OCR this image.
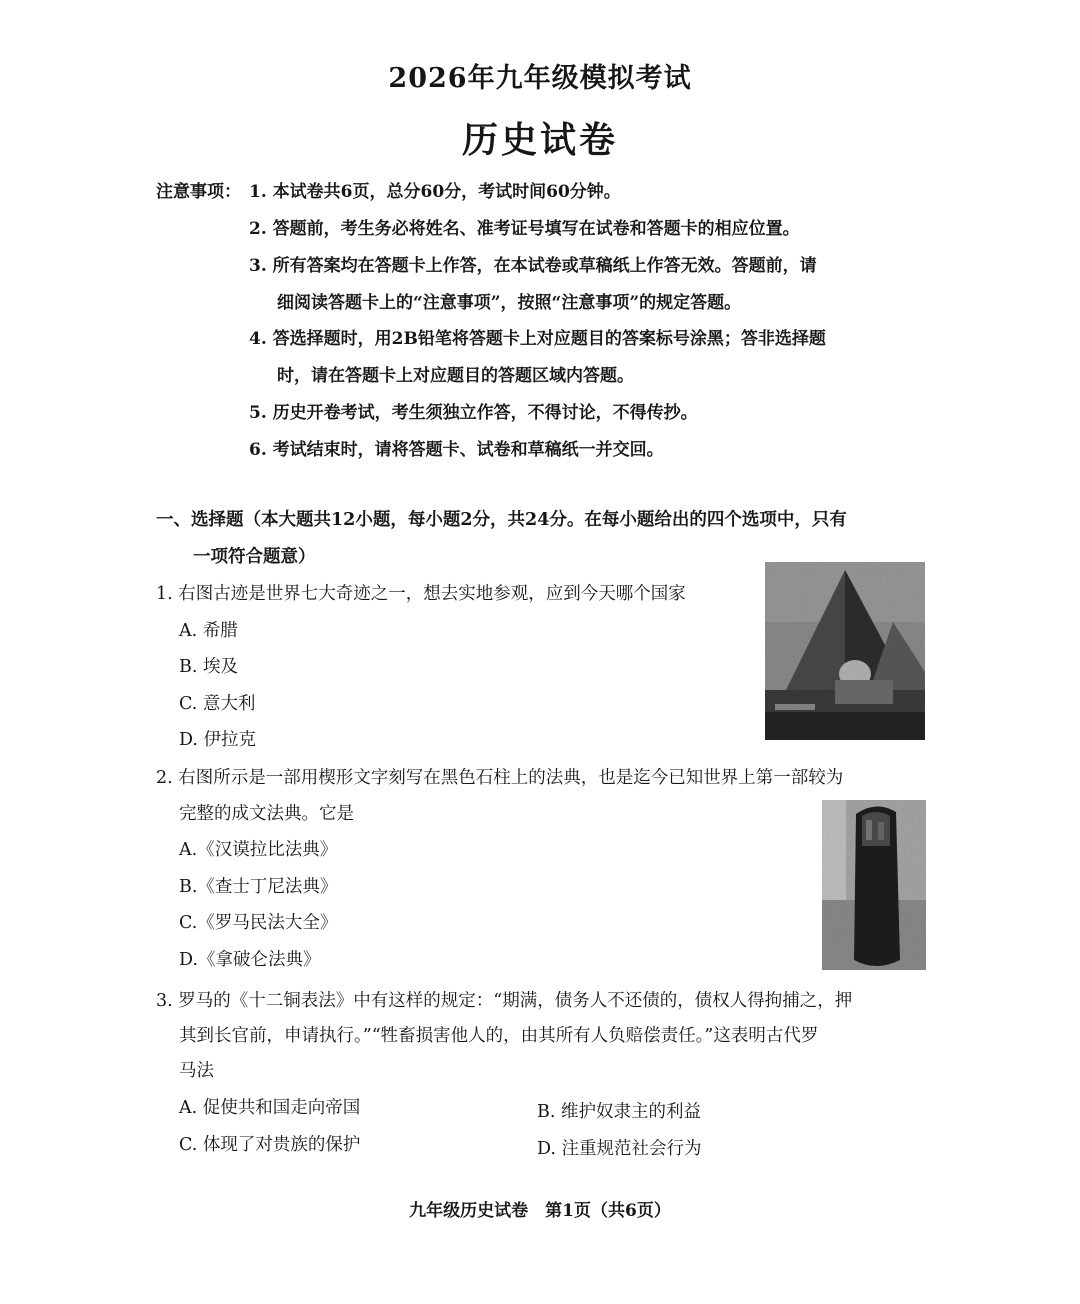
2026年九年级模拟考试
历史试卷
注意事项： 1. 本试卷共6页，总分60分，考试时间60分钟。
2. 答题前，考生务必将姓名、准考证号填写在试卷和答题卡的相应位置。
3. 所有答案均在答题卡上作答，在本试卷或草稿纸上作答无效。答题前，请
细阅读答题卡上的“注意事项”，按照“注意事项”的规定答题。
4. 答选择题时，用2B铅笔将答题卡上对应题目的答案标号涂黑；答非选择题
时，请在答题卡上对应题目的答题区域内答题。
5. 历史开卷考试，考生须独立作答，不得讨论，不得传抄。
6. 考试结束时，请将答题卡、试卷和草稿纸一并交回。
一、选择题（本大题共12小题，每小题2分，共24分。在每小题给出的四个选项中，只有
一项符合题意）
1. 右图古迹是世界七大奇迹之一，想去实地参观，应到今天哪个国家
A. 希腊
B. 埃及
C. 意大利
D. 伊拉克
2. 右图所示是一部用楔形文字刻写在黑色石柱上的法典，也是迄今已知世界上第一部较为
完整的成文法典。它是
A.《汉谟拉比法典》
B.《查士丁尼法典》
C.《罗马民法大全》
D.《拿破仑法典》
3. 罗马的《十二铜表法》中有这样的规定：“期满，债务人不还债的，债权人得拘捕之，押
其到长官前，申请执行。”“牲畜损害他人的，由其所有人负赔偿责任。”这表明古代罗
马法
A. 促使共和国走向帝国	B. 维护奴隶主的利益
C. 体现了对贵族的保护	D. 注重规范社会行为
九年级历史试卷　第1页（共6页）
